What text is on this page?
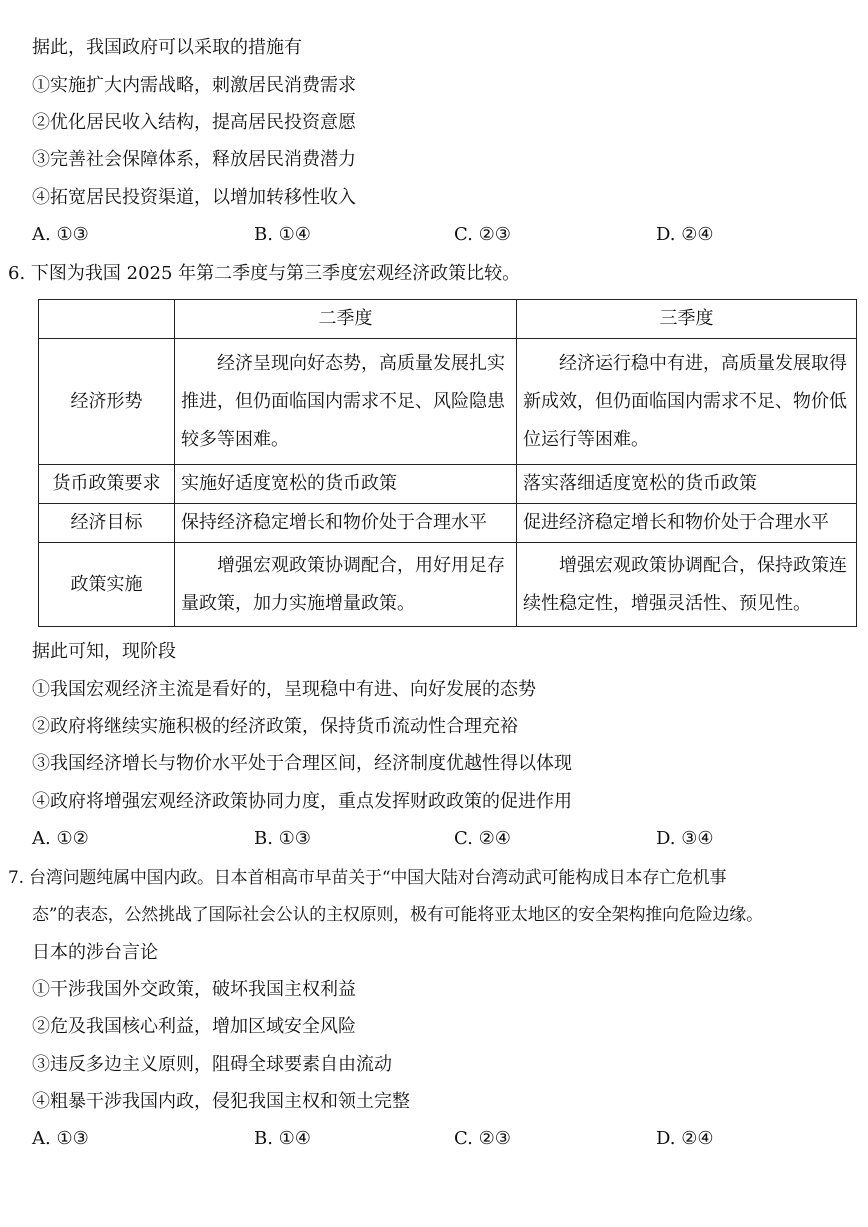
据此，我国政府可以采取的措施有
①实施扩大内需战略，刺激居民消费需求
②优化居民收入结构，提高居民投资意愿
③完善社会保障体系，释放居民消费潜力
④拓宽居民投资渠道，以增加转移性收入
A. ①③	B. ①④	C. ②③	D. ②④
6. 下图为我国 2025 年第二季度与第三季度宏观经济政策比较。
	二季度	三季度
经济形势	经济呈现向好态势，高质量发展扎实推进，但仍面临国内需求不足、风险隐患较多等困难。	经济运行稳中有进，高质量发展取得新成效，但仍面临国内需求不足、物价低位运行等困难。
货币政策要求	实施好适度宽松的货币政策	落实落细适度宽松的货币政策
经济目标	保持经济稳定增长和物价处于合理水平	促进经济稳定增长和物价处于合理水平
政策实施	增强宏观政策协调配合，用好用足存量政策，加力实施增量政策。	增强宏观政策协调配合，保持政策连续性稳定性，增强灵活性、预见性。
据此可知，现阶段
①我国宏观经济主流是看好的，呈现稳中有进、向好发展的态势
②政府将继续实施积极的经济政策，保持货币流动性合理充裕
③我国经济增长与物价水平处于合理区间，经济制度优越性得以体现
④政府将增强宏观经济政策协同力度，重点发挥财政政策的促进作用
A. ①②	B. ①③	C. ②④	D. ③④
7. 台湾问题纯属中国内政。日本首相高市早苗关于“中国大陆对台湾动武可能构成日本存亡危机事
态”的表态，公然挑战了国际社会公认的主权原则，极有可能将亚太地区的安全架构推向危险边缘。
日本的涉台言论
①干涉我国外交政策，破坏我国主权利益
②危及我国核心利益，增加区域安全风险
③违反多边主义原则，阻碍全球要素自由流动
④粗暴干涉我国内政，侵犯我国主权和领土完整
A. ①③	B. ①④	C. ②③	D. ②④
